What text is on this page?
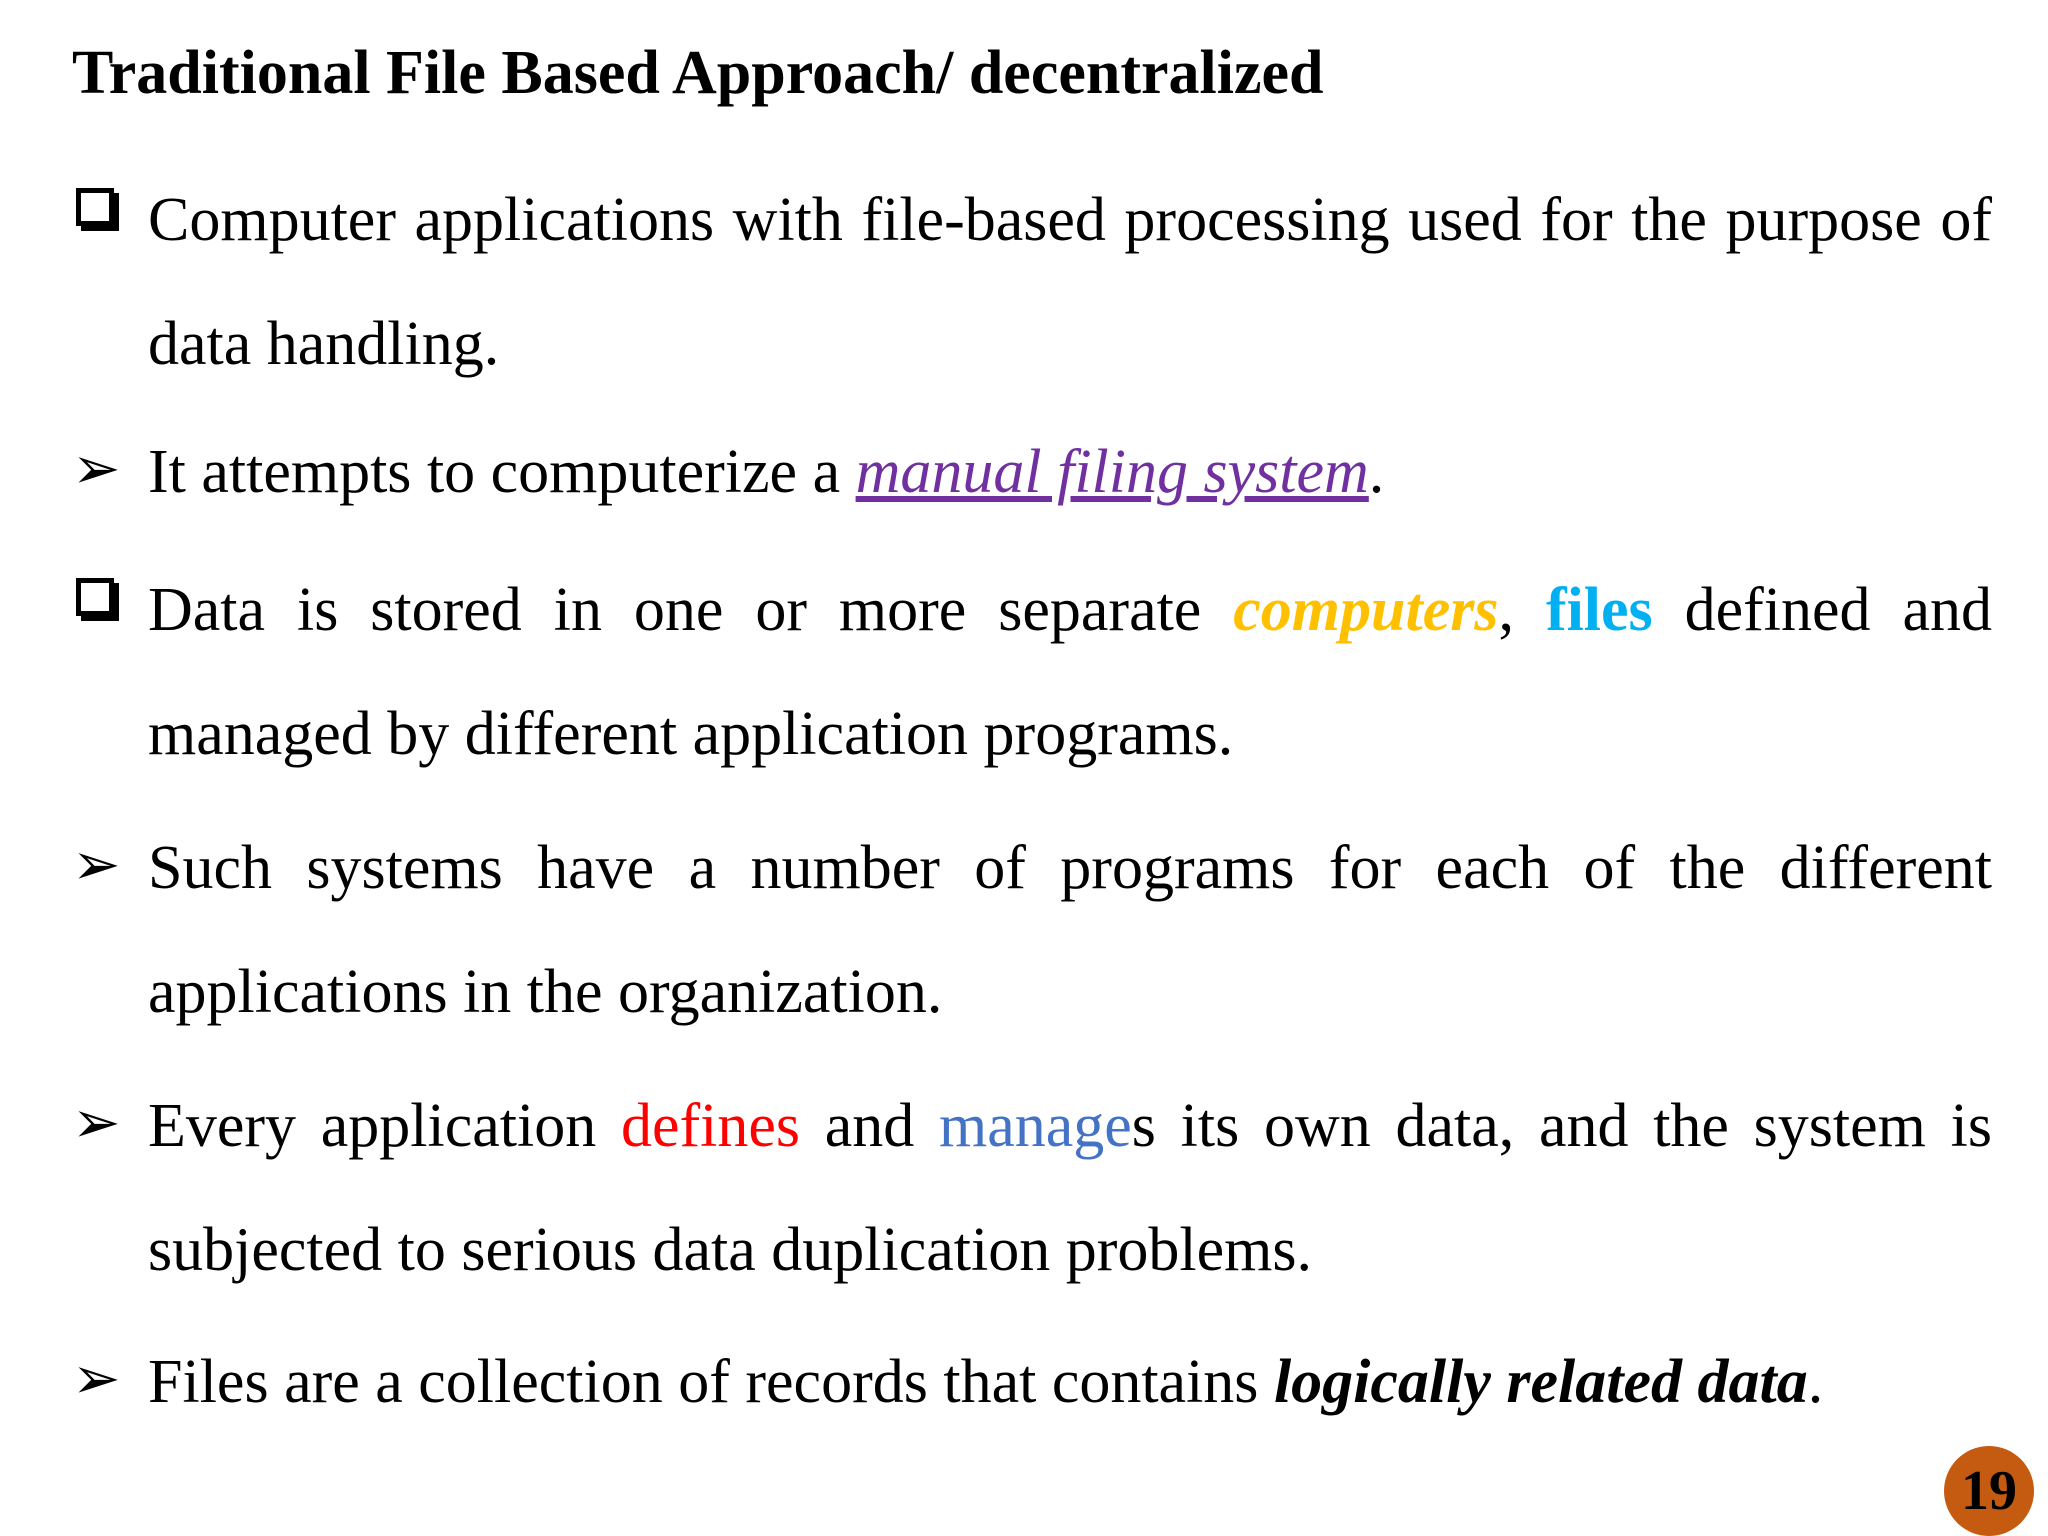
Traditional File Based Approach/ decentralized
Computer applications with file-based processing used for the purpose of data handling.
➢ It attempts to computerize a manual filing system.
Data is stored in one or more separate computers, files defined and managed by different application programs.
➢ Such systems have a number of programs for each of the different applications in the organization.
➢ Every application defines and manages its own data, and the system is subjected to serious data duplication problems.
➢ Files are a collection of records that contains logically related data.
19
